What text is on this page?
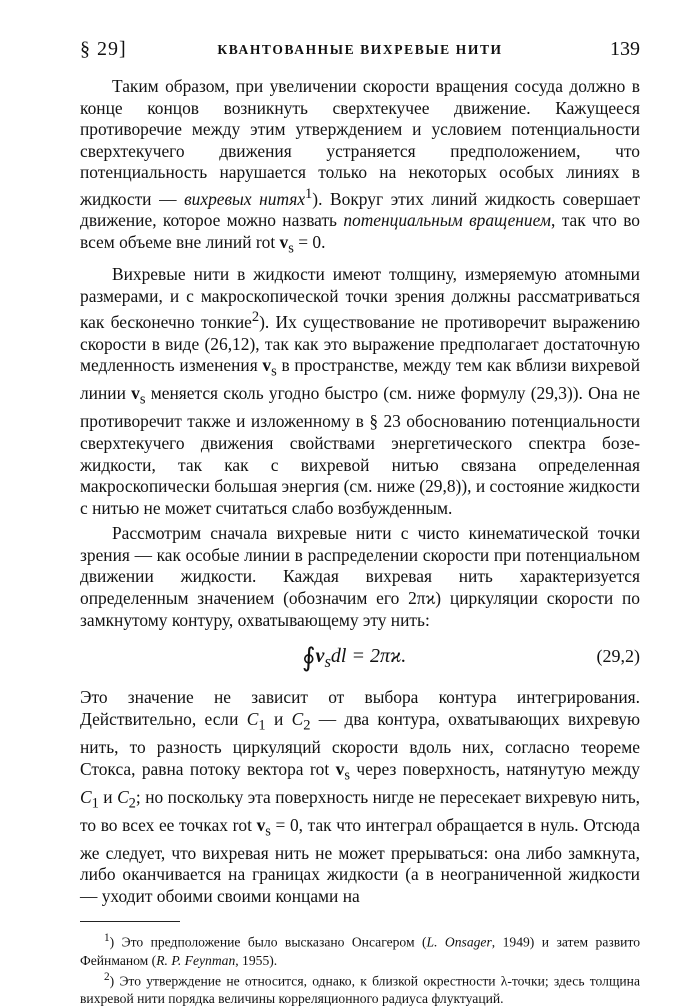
§ 29]	КВАНТОВАННЫЕ ВИХРЕВЫЕ НИТИ	139

Таким образом, при увеличении скорости вращения сосуда должно в конце концов возникнуть сверхтекучее движение. Кажущееся противоречие между этим утверждением и условием потенциальности сверхтекучего движения устраняется предположением, что потенциальность нарушается только на некоторых особых линиях в жидкости — вихревых нитях$^1$). Вокруг этих линий жидкость совершает движение, которое можно назвать потенциальным вращением, так что во всем объеме вне линий rot $v_s = 0$.

Вихревые нити в жидкости имеют толщину, измеряемую атомными размерами, и с макроскопической точки зрения должны рассматриваться как бесконечно тонкие$^2$). Их существование не противоречит выражению скорости в виде (26,12), так как это выражение предполагает достаточную медленность изменения $v_s$ в пространстве, между тем как вблизи вихревой линии $v_s$ меняется сколь угодно быстро (см. ниже формулу (29,3)). Она не противоречит также и изложенному в § 23 обоснованию потенциальности сверхтекучего движения свойствами энергетического спектра бозе-жидкости, так как с вихревой нитью связана определенная макроскопически большая энергия (см. ниже (29,8)), и состояние жидкости с нитью не может считаться слабо возбужденным.

Рассмотрим сначала вихревые нити с чисто кинематической точки зрения — как особые линии в распределении скорости при потенциальном движении жидкости. Каждая вихревая нить характеризуется определенным значением (обозначим его 2πϰ) циркуляции скорости по замкнутому контуру, охватывающему эту нить:

$∮v_sdl = 2\pi ϰ$.	(29,2)

Это значение не зависит от выбора контура интегрирования. Действительно, если $C_1$ и $C_2$ — два контура, охватывающих вихревую нить, то разность циркуляций скорости вдоль них, согласно теореме Стокса, равна потоку вектора rot $v_s$ через поверхность, натянутую между $C_1$ и $C_2$; но поскольку эта поверхность нигде не пересекает вихревую нить, то во всех ее точках rot $v_s = 0$, так что интеграл обращается в нуль. Отсюда же следует, что вихревая нить не может прерываться: она либо замкнута, либо оканчивается на границах жидкости (а в неограниченной жидкости — уходит обоими своими концами на

$^1$) Это предположение было высказано Онсагером (L. Onsager, 1949) и затем развито Фейнманом (R. P. Feynman, 1955).

$^2$) Это утверждение не относится, однако, к близкой окрестности λ-точки; здесь толщина вихревой нити порядка величины корреляционного радиуса флуктуаций.
